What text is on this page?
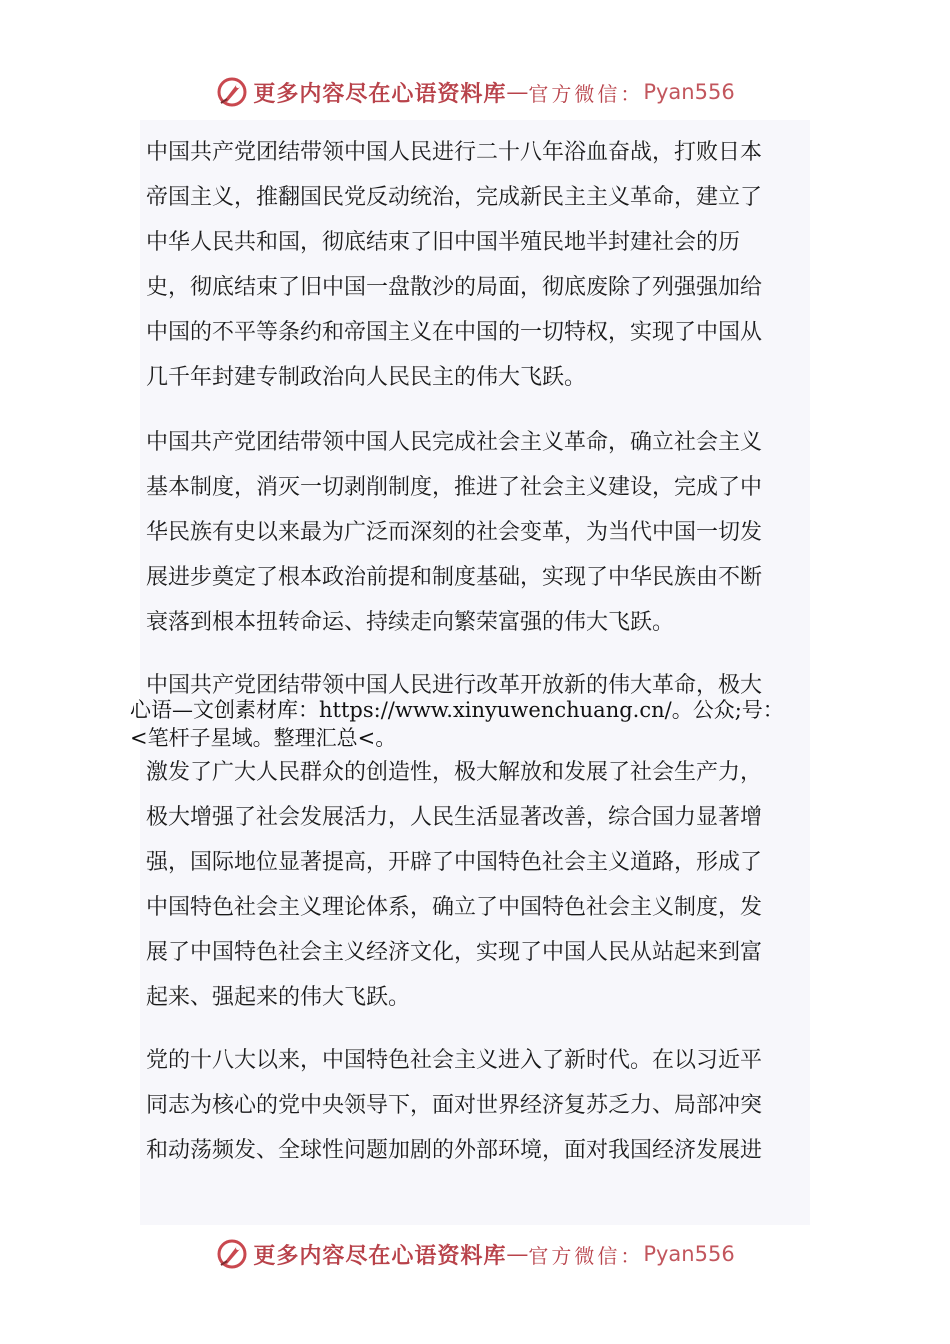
更多内容尽在心语资料库 — 官方微信： Pyan556
中国共产党团结带领中国人民进行二十八年浴血奋战，打败日本
帝国主义，推翻国民党反动统治，完成新民主主义革命，建立了
中华人民共和国，彻底结束了旧中国半殖民地半封建社会的历
史，彻底结束了旧中国一盘散沙的局面，彻底废除了列强强加给
中国的不平等条约和帝国主义在中国的一切特权，实现了中国从
几千年封建专制政治向人民民主的伟大飞跃。
中国共产党团结带领中国人民完成社会主义革命，确立社会主义
基本制度，消灭一切剥削制度，推进了社会主义建设，完成了中
华民族有史以来最为广泛而深刻的社会变革，为当代中国一切发
展进步奠定了根本政治前提和制度基础，实现了中华民族由不断
衰落到根本扭转命运、持续走向繁荣富强的伟大飞跃。
中国共产党团结带领中国人民进行改革开放新的伟大革命，极大
心语—文创素材库：https://www.xinyuwenchuang.cn/。公众;号：
<笔杆子星域。整理汇总<。
激发了广大人民群众的创造性，极大解放和发展了社会生产力，
极大增强了社会发展活力，人民生活显著改善，综合国力显著增
强，国际地位显著提高，开辟了中国特色社会主义道路，形成了
中国特色社会主义理论体系，确立了中国特色社会主义制度，发
展了中国特色社会主义经济文化，实现了中国人民从站起来到富
起来、强起来的伟大飞跃。
党的十八大以来，中国特色社会主义进入了新时代。在以习近平
同志为核心的党中央领导下，面对世界经济复苏乏力、局部冲突
和动荡频发、全球性问题加剧的外部环境，面对我国经济发展进
更多内容尽在心语资料库 — 官方微信： Pyan556
